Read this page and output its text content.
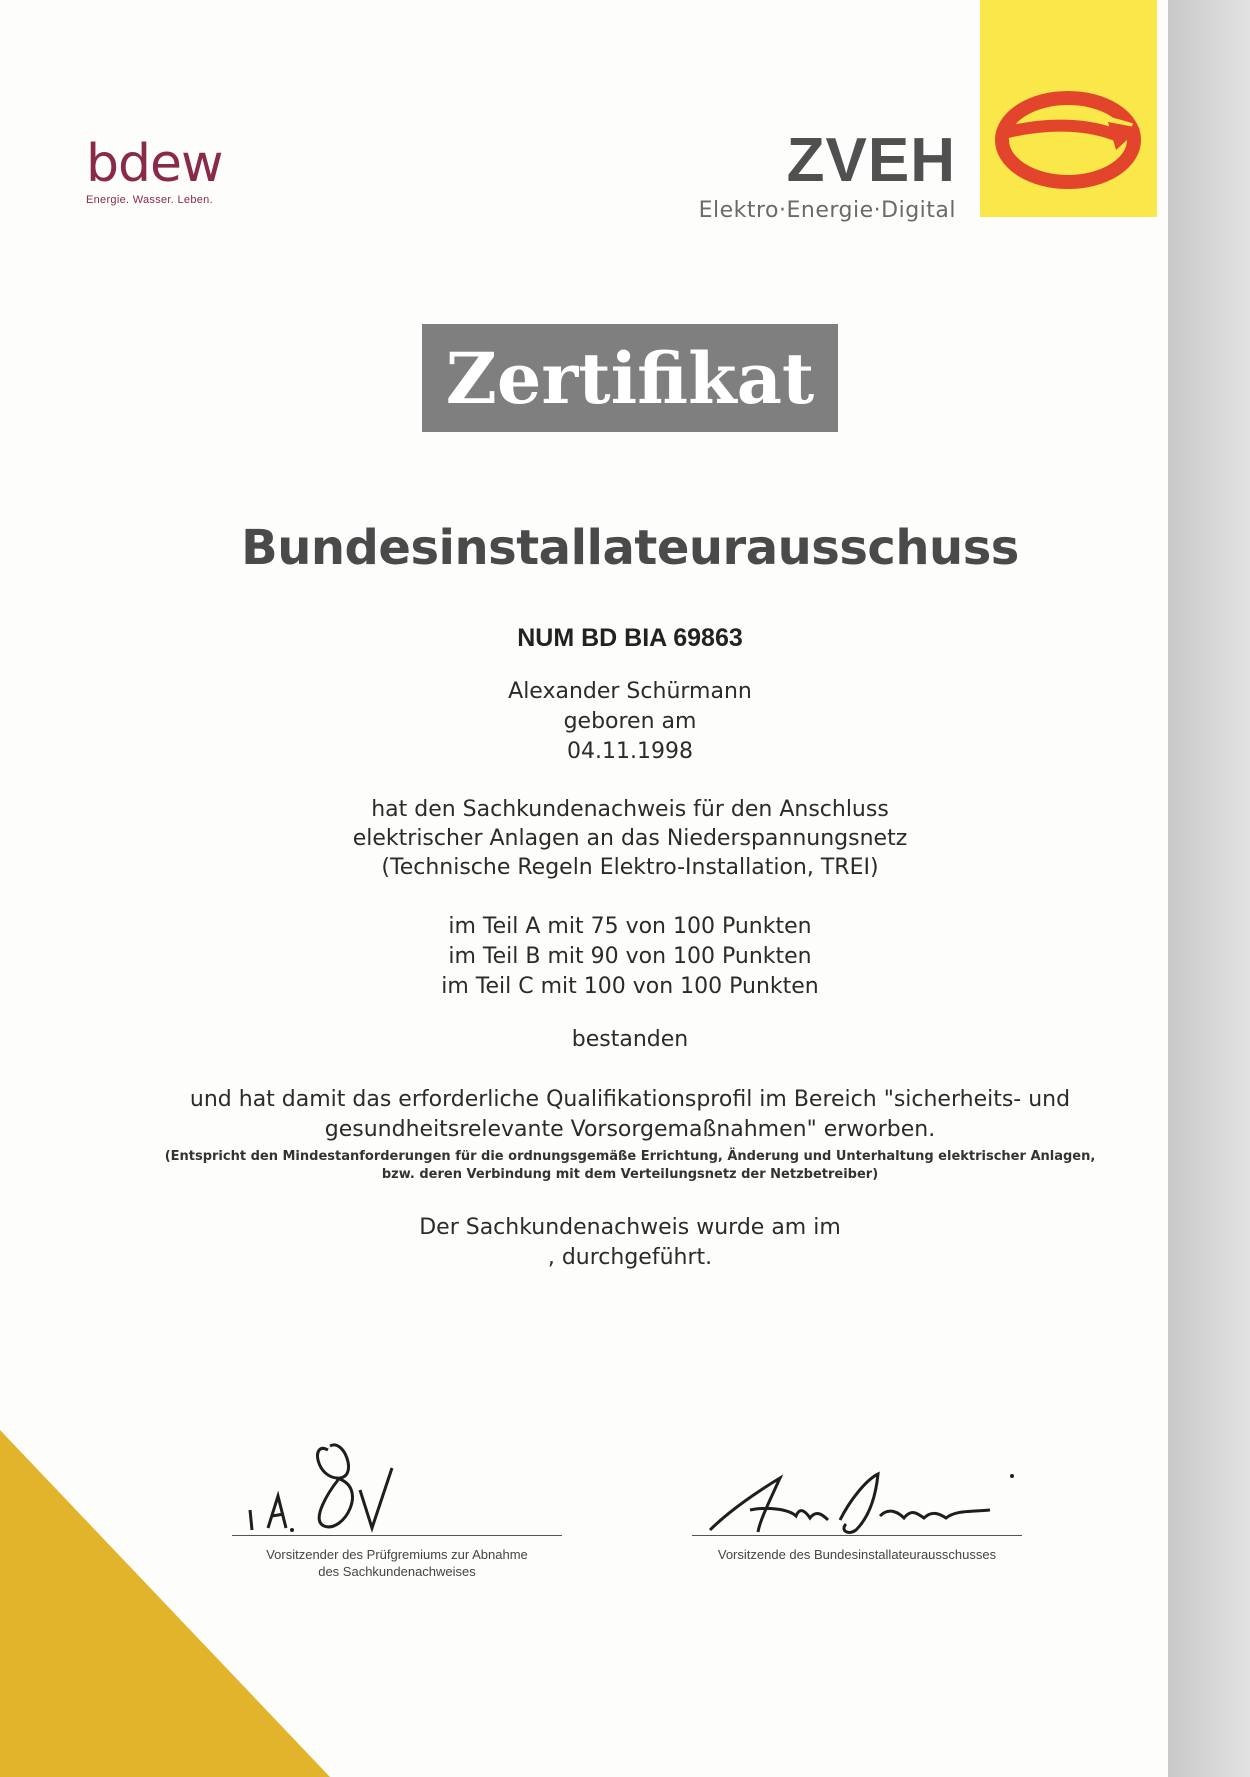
bdew
Energie. Wasser. Leben.
ZVEH
Elektro·Energie·Digital
Zertifikat
Bundesinstallateurausschuss
NUM BD BIA 69863
Alexander Schürmann
geboren am
04.11.1998
hat den Sachkundenachweis für den Anschluss
elektrischer Anlagen an das Niederspannungsnetz
(Technische Regeln Elektro-Installation, TREI)
im Teil A mit 75 von 100 Punkten
im Teil B mit 90 von 100 Punkten
im Teil C mit 100 von 100 Punkten
bestanden
und hat damit das erforderliche Qualifikationsprofil im Bereich "sicherheits- und
gesundheitsrelevante Vorsorgemaßnahmen" erworben.
(Entspricht den Mindestanforderungen für die ordnungsgemäße Errichtung, Änderung und Unterhaltung elektrischer Anlagen,
bzw. deren Verbindung mit dem Verteilungsnetz der Netzbetreiber)
Der Sachkundenachweis wurde am im
, durchgeführt.
Vorsitzender des Prüfgremiums zur Abnahme
des Sachkundenachweises
Vorsitzende des Bundesinstallateurausschusses
